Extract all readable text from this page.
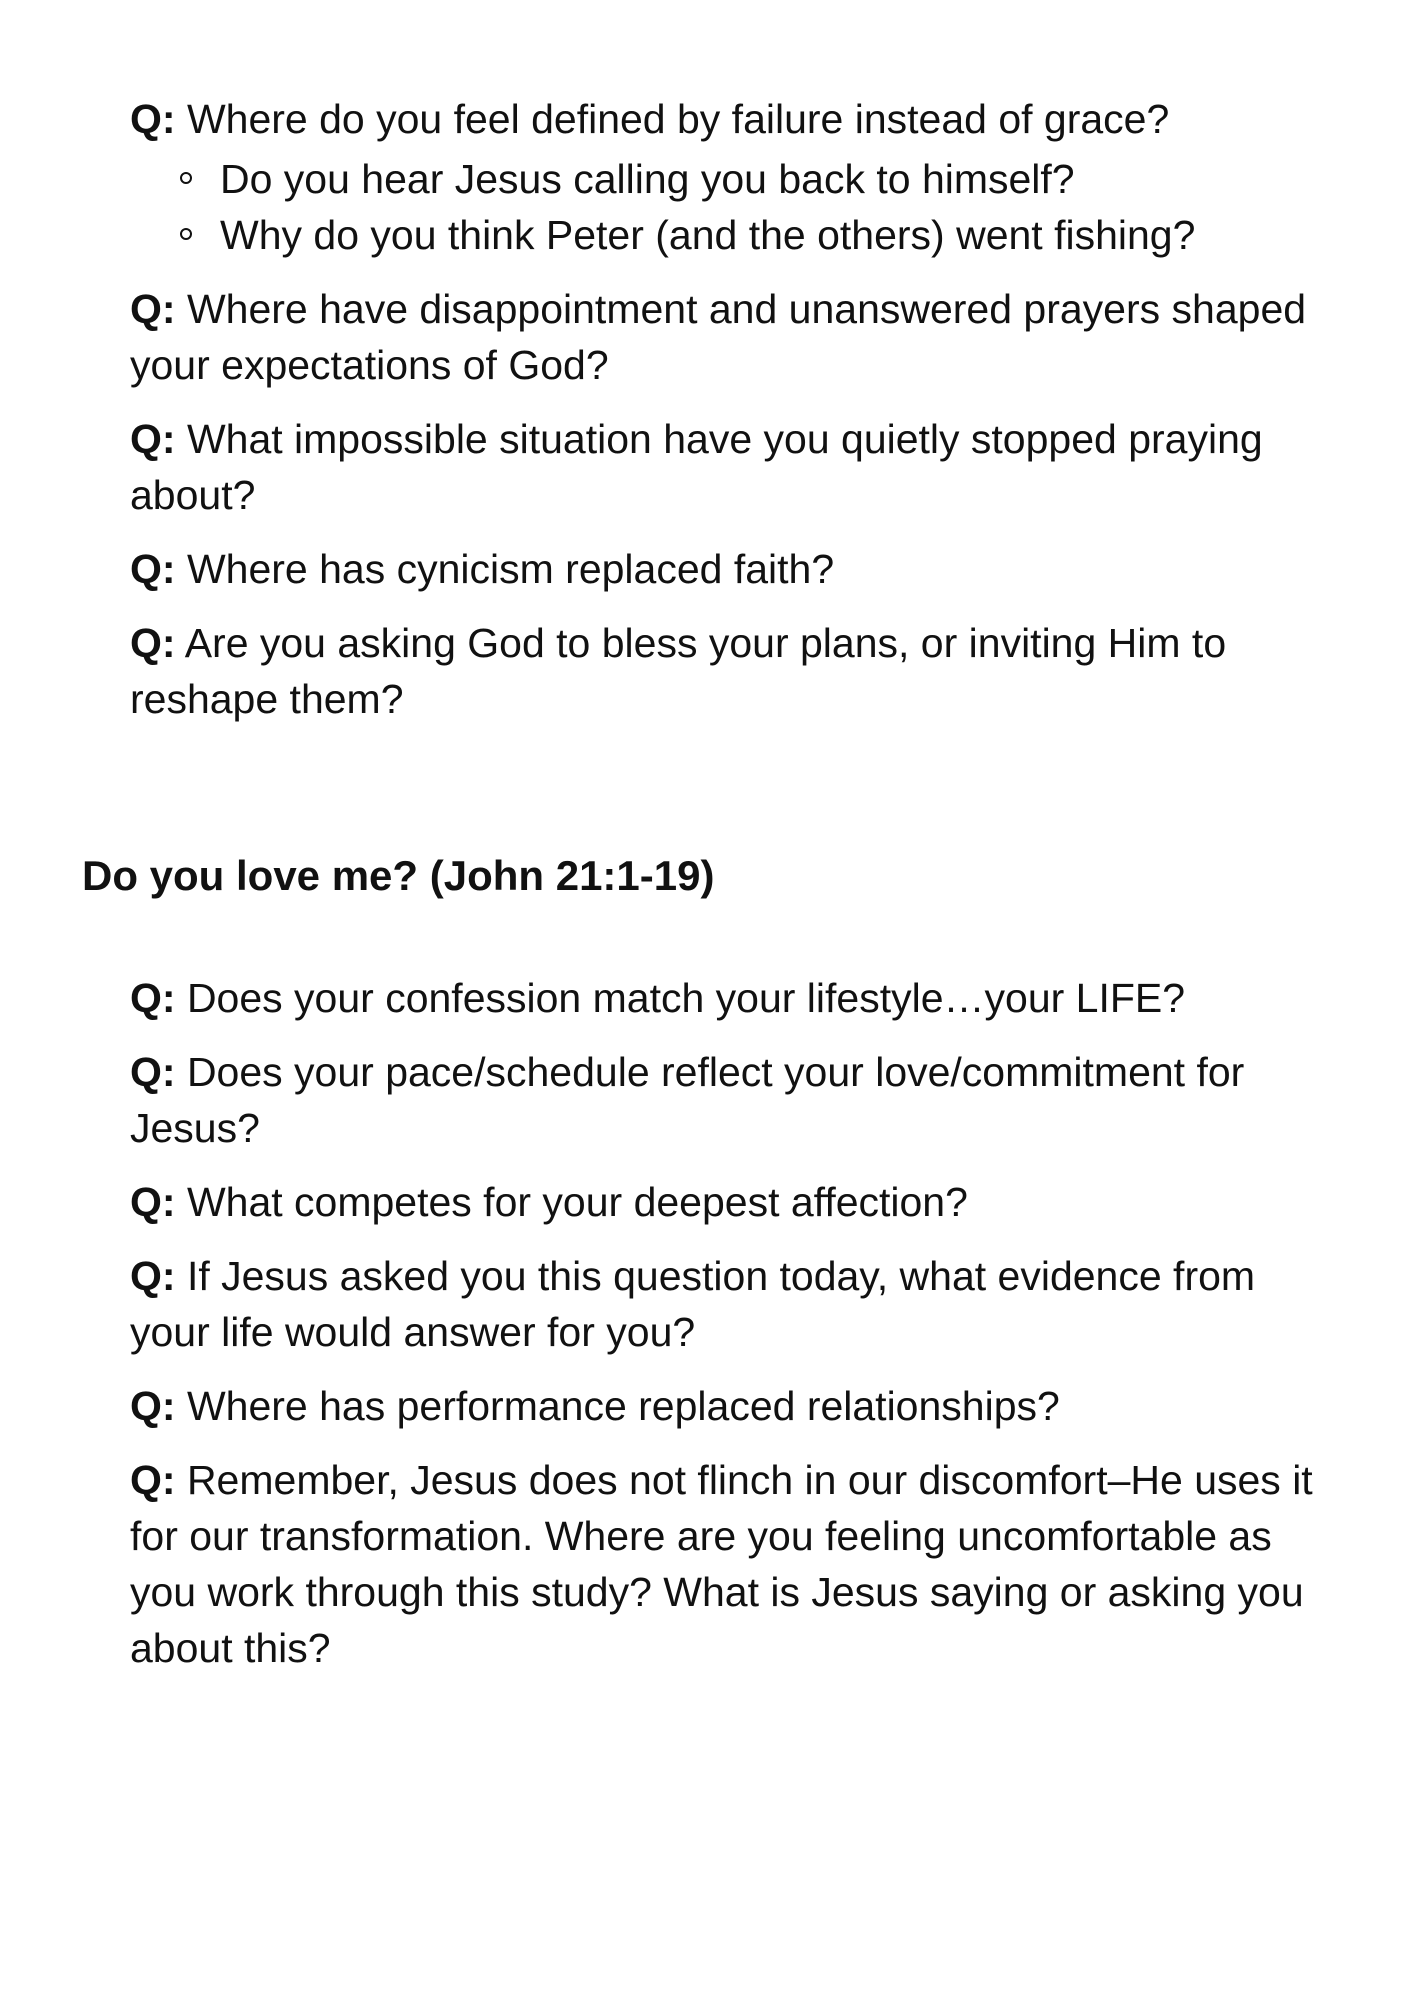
Q: Where do you feel defined by failure instead of grace?

Do you hear Jesus calling you back to himself?
Why do you think Peter (and the others) went fishing?

Q: Where have disappointment and unanswered prayers shaped your expectations of God?

Q: What impossible situation have you quietly stopped praying about?

Q: Where has cynicism replaced faith?

Q: Are you asking God to bless your plans, or inviting Him to reshape them?

Do you love me? (John 21:1-19)

Q: Does your confession match your lifestyle…your LIFE?

Q: Does your pace/schedule reflect your love/commitment for Jesus?

Q: What competes for your deepest affection?

Q: If Jesus asked you this question today, what evidence from your life would answer for you?

Q: Where has performance replaced relationships?

Q: Remember, Jesus does not flinch in our discomfort–He uses it for our transformation. Where are you feeling uncomfortable as you work through this study? What is Jesus saying or asking you about this?
